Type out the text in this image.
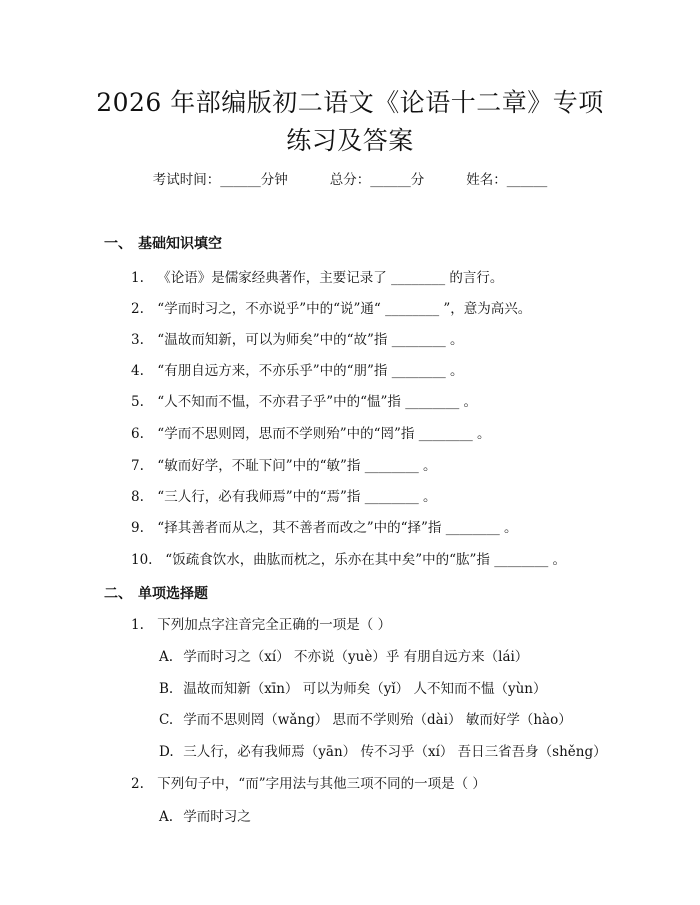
2026 年部编版初二语文《论语十二章》专项
练习及答案
考试时间：______分钟	总分：______分	姓名：______
一、 基础知识填空
1. 《论语》是儒家经典著作，主要记录了 ________ 的言行。
2. “学而时习之，不亦说乎”中的“说”通“ ________ ”，意为高兴。
3. “温故而知新，可以为师矣”中的“故”指 ________ 。
4. “有朋自远方来，不亦乐乎”中的“朋”指 ________ 。
5. “人不知而不愠，不亦君子乎”中的“愠”指 ________ 。
6. “学而不思则罔，思而不学则殆”中的“罔”指 ________ 。
7. “敏而好学，不耻下问”中的“敏”指 ________ 。
8. “三人行，必有我师焉”中的“焉”指 ________ 。
9. “择其善者而从之，其不善者而改之”中的“择”指 ________ 。
10. “饭疏食饮水，曲肱而枕之，乐亦在其中矣”中的“肱”指 ________ 。
二、 单项选择题
1. 下列加点字注音完全正确的一项是（ ）
A. 学而时习之（xí） 不亦说（yuè）乎 有朋自远方来（lái）
B. 温故而知新（xīn） 可以为师矣（yǐ） 人不知而不愠（yùn）
C. 学而不思则罔（wǎng） 思而不学则殆（dài） 敏而好学（hào）
D. 三人行，必有我师焉（yān） 传不习乎（xí） 吾日三省吾身（shěng）
2. 下列句子中，“而”字用法与其他三项不同的一项是（ ）
A. 学而时习之
